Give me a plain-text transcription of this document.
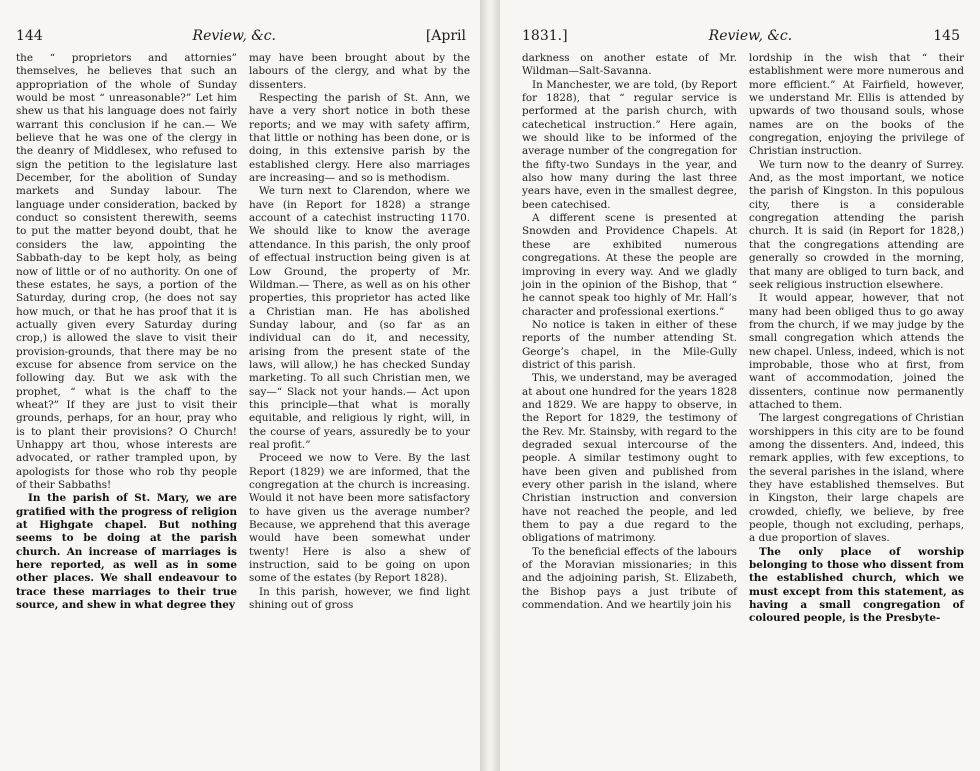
144	Review, &c.	[April

the “ proprietors and attornies” themselves, he believes that such an appropriation of the whole of Sunday would be most “ unreasonable?” Let him shew us that his language does not fairly warrant this conclusion if he can.— We believe that he was one of the clergy in the deanry of Middlesex, who refused to sign the petition to the legislature last December, for the abolition of Sunday markets and Sunday labour. The language under consideration, backed by conduct so consistent therewith, seems to put the matter beyond doubt, that he considers the law, appointing the Sabbath-day to be kept holy, as being now of little or of no authority. On one of these estates, he says, a portion of the Saturday, during crop, (he does not say how much, or that he has proof that it is actually given every Saturday during crop,) is allowed the slave to visit their provision-grounds, that there may be no excuse for absence from service on the following day. But we ask with the prophet, “ what is the chaff to the wheat?” If they are just to visit their grounds, perhaps, for an hour, pray who is to plant their provisions? O Church! Unhappy art thou, whose interests are advocated, or rather trampled upon, by apologists for those who rob thy people of their Sabbaths!

In the parish of St. Mary, we are gratified with the progress of religion at Highgate chapel. But nothing seems to be doing at the parish church. An increase of marriages is here reported, as well as in some other places. We shall endeavour to trace these marriages to their true source, and shew in what degree they

may have been brought about by the labours of the clergy, and what by the dissenters.

Respecting the parish of St. Ann, we have a very short notice in both these reports; and we may with safety affirm, that little or nothing has been done, or is doing, in this extensive parish by the established clergy. Here also marriages are increasing— and so is methodism.

We turn next to Clarendon, where we have (in Report for 1828) a strange account of a catechist instructing 1170. We should like to know the average attendance. In this parish, the only proof of effectual instruction being given is at Low Ground, the property of Mr. Wildman.— There, as well as on his other properties, this proprietor has acted like a Christian man. He has abolished Sunday labour, and (so far as an individual can do it, and necessity, arising from the present state of the laws, will allow,) he has checked Sunday marketing. To all such Christian men, we say—“ Slack not your hands.— Act upon this principle—that what is morally equitable, and religious ly right, will, in the course of years, assuredly be to your real profit.”

Proceed we now to Vere. By the last Report (1829) we are informed, that the congregation at the church is increasing. Would it not have been more satisfactory to have given us the average number? Because, we apprehend that this average would have been somewhat under twenty! Here is also a shew of instruction, said to be going on upon some of the estates (by Report 1828).

In this parish, however, we find light shining out of gross

1831.]	Review, &c.	145

darkness on another estate of Mr. Wildman—Salt-Savanna.

In Manchester, we are told, (by Report for 1828), that “ regular service is performed at the parish church, with catechetical instruction.” Here again, we should like to be informed of the average number of the congregation for the fifty-two Sundays in the year, and also how many during the last three years have, even in the smallest degree, been catechised.

A different scene is presented at Snowden and Providence Chapels. At these are exhibited numerous congregations. At these the people are improving in every way. And we gladly join in the opinion of the Bishop, that “ he cannot speak too highly of Mr. Hall’s character and professional exertions.”

No notice is taken in either of these reports of the number attending St. George’s chapel, in the Mile-Gully district of this parish.

This, we understand, may be averaged at about one hundred for the years 1828 and 1829. We are happy to observe, in the Report for 1829, the testimony of the Rev. Mr. Stainsby, with regard to the degraded sexual intercourse of the people. A similar testimony ought to have been given and published from every other parish in the island, where Christian instruction and conversion have not reached the people, and led them to pay a due regard to the obligations of matrimony.

To the beneficial effects of the labours of the Moravian missionaries; in this and the adjoining parish, St. Elizabeth, the Bishop pays a just tribute of commendation. And we heartily join his

lordship in the wish that “ their establishment were more numerous and more efficient.” At Fairfield, however, we understand Mr. Ellis is attended by upwards of two thousand souls, whose names are on the books of the congregation, enjoying the privilege of Christian instruction.

We turn now to the deanry of Surrey. And, as the most important, we notice the parish of Kingston. In this populous city, there is a considerable congregation attending the parish church. It is said (in Report for 1828,) that the congregations attending are generally so crowded in the morning, that many are obliged to turn back, and seek religious instruction elsewhere.

It would appear, however, that not many had been obliged thus to go away from the church, if we may judge by the small congregation which attends the new chapel. Unless, indeed, which is not improbable, those who at first, from want of accommodation, joined the dissenters, continue now permanently attached to them.

The largest congregations of Christian worshippers in this city are to be found among the dissenters. And, indeed, this remark applies, with few exceptions, to the several parishes in the island, where they have established themselves. But in Kingston, their large chapels are crowded, chiefly, we believe, by free people, though not excluding, perhaps, a due proportion of slaves.

The only place of worship belonging to those who dissent from the established church, which we must except from this statement, as having a small congregation of coloured people, is the Presbyte-
